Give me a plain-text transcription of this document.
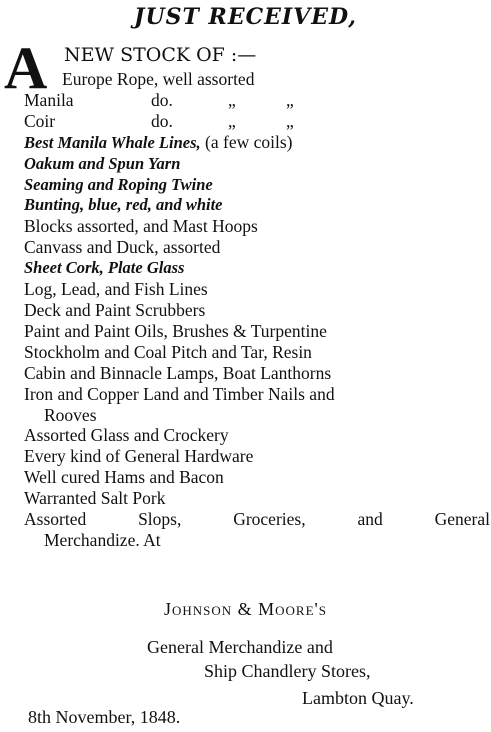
JUST RECEIVED,
A NEW STOCK OF :—
Europe Rope, well assorted
Manila	do.	„	„
Coir	do.	„	„
Best Manila Whale Lines, (a few coils)
Oakum and Spun Yarn
Seaming and Roping Twine
Bunting, blue, red, and white
Blocks assorted, and Mast Hoops
Canvass and Duck, assorted
Sheet Cork, Plate Glass
Log, Lead, and Fish Lines
Deck and Paint Scrubbers
Paint and Paint Oils, Brushes & Turpentine
Stockholm and Coal Pitch and Tar, Resin
Cabin and Binnacle Lamps, Boat Lanthorns
Iron and Copper Land and Timber Nails and
Rooves
Assorted Glass and Crockery
Every kind of General Hardware
Well cured Hams and Bacon
Warranted Salt Pork
Assorted	Slops,	Groceries,	and	General
Merchandize. At
Johnson & Moore's
General Merchandize and
Ship Chandlery Stores,
Lambton Quay.
8th November, 1848.
